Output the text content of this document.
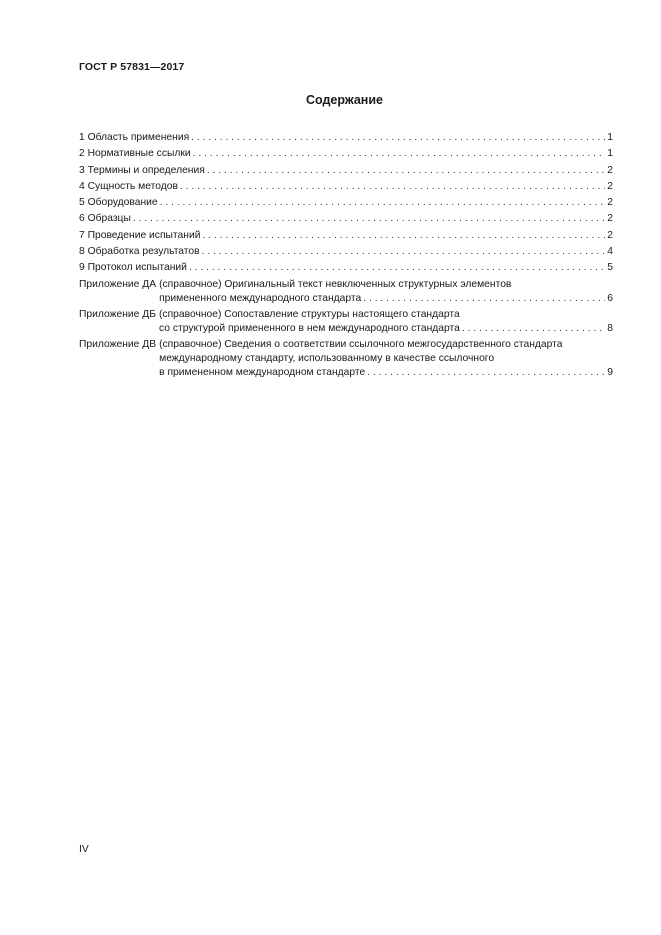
ГОСТ Р 57831—2017
Содержание
1 Область применения . . .	1
2 Нормативные ссылки . . .	1
3 Термины и определения . . .	2
4 Сущность методов . . .	2
5 Оборудование . . .	2
6 Образцы . . .	2
7 Проведение испытаний . . .	2
8 Обработка результатов . . .	4
9 Протокол испытаний . . .	5
Приложение ДА (справочное) Оригинальный текст невключенных структурных элементов
примененного международного стандарта . . .	6
Приложение ДБ (справочное) Сопоставление структуры настоящего стандарта
со структурой примененного в нем международного стандарта . . .	8
Приложение ДВ (справочное) Сведения о соответствии ссылочного межгосударственного стандарта
международному стандарту, использованному в качестве ссылочного
в примененном международном стандарте . . .	9
IV
